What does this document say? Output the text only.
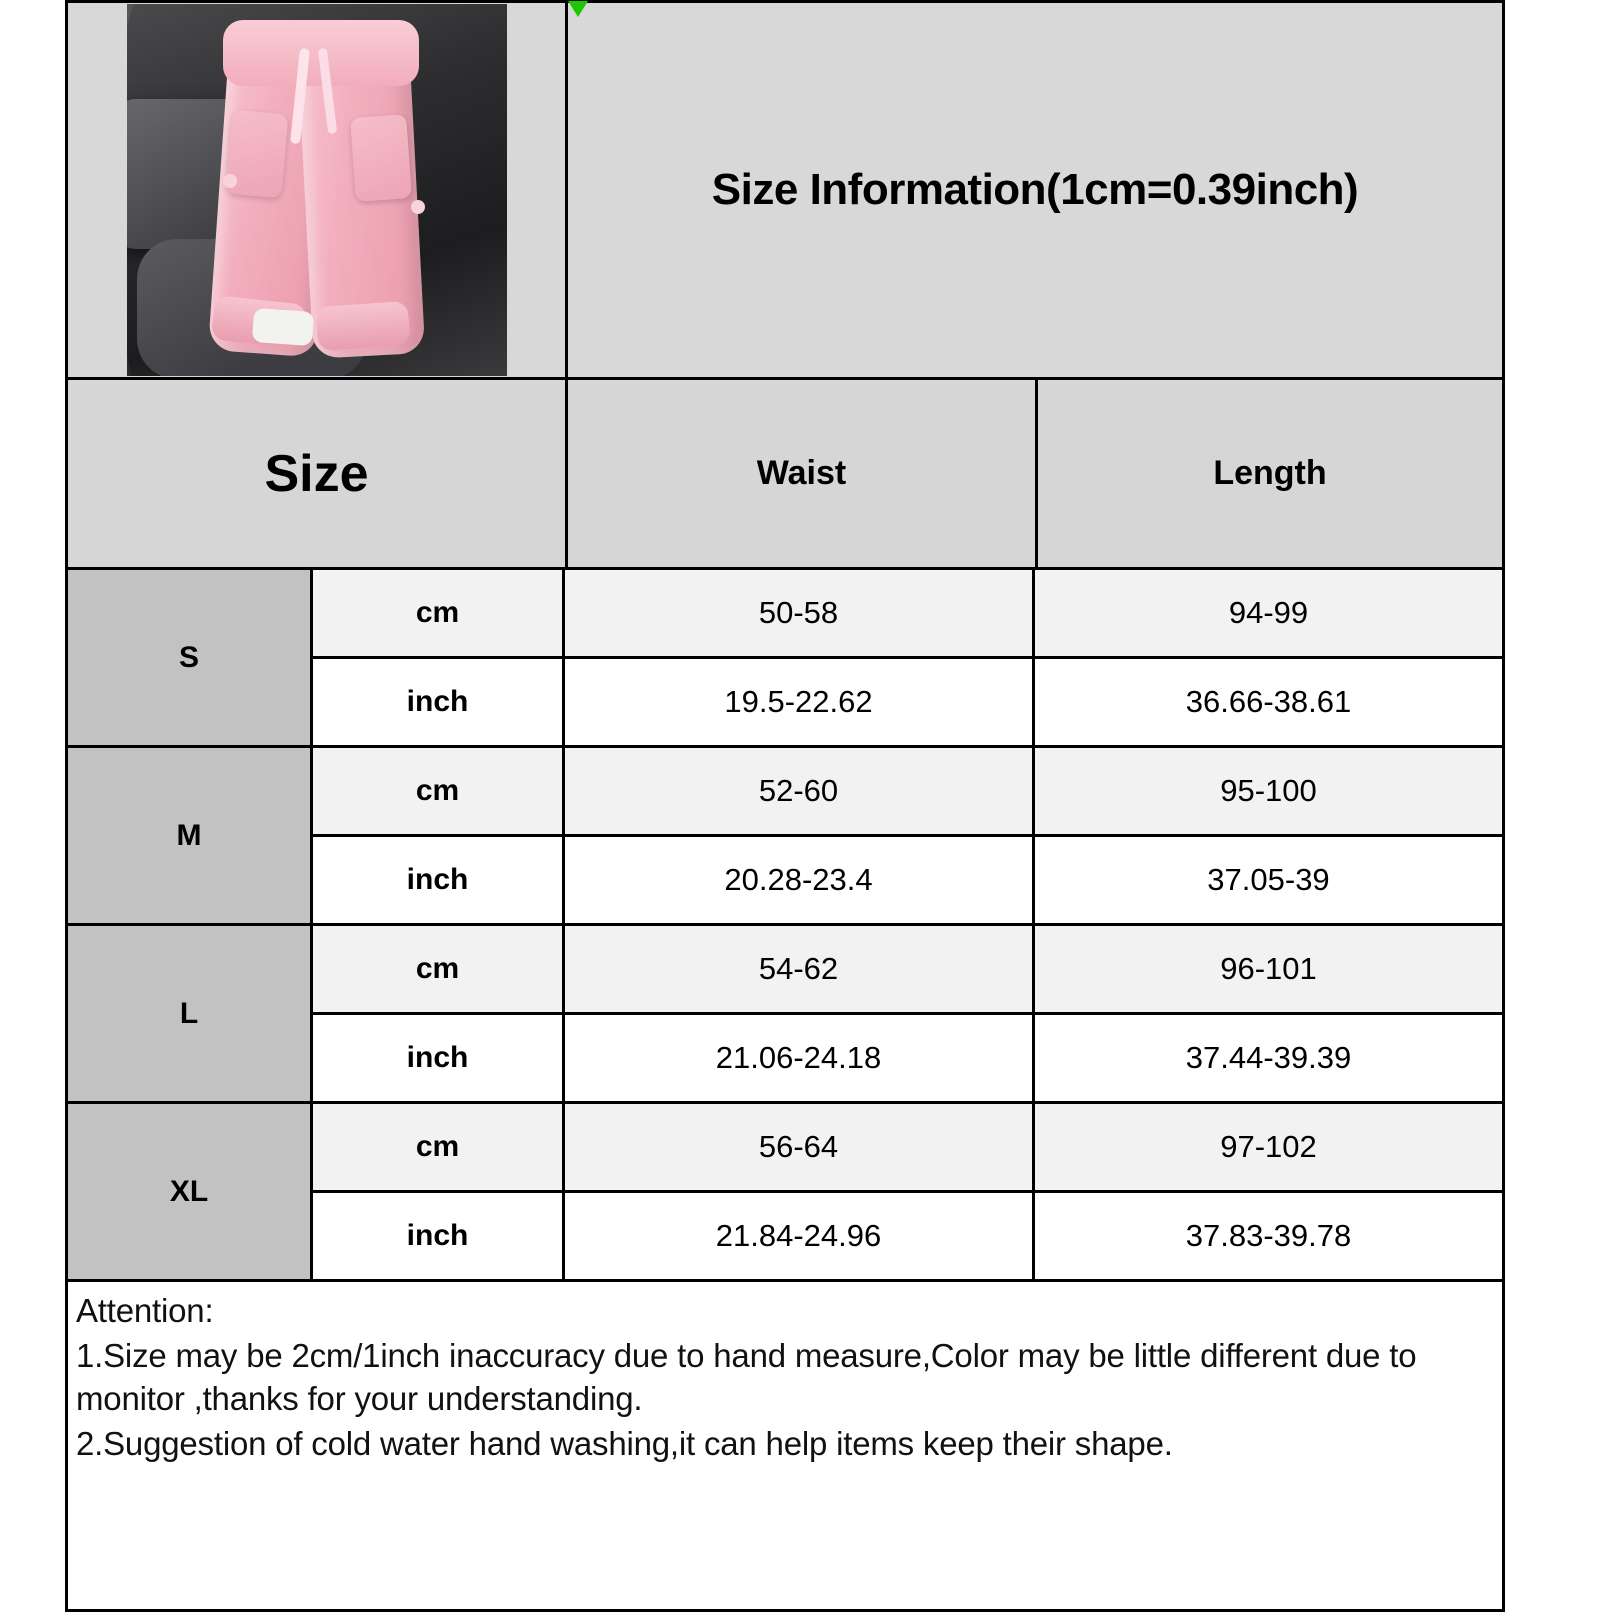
Size Information(1cm=0.39inch)
Size	Waist	Length
S
cm	50-58	94-99
inch	19.5-22.62	36.66-38.61
M
cm	52-60	95-100
inch	20.28-23.4	37.05-39
L
cm	54-62	96-101
inch	21.06-24.18	37.44-39.39
XL
cm	56-64	97-102
inch	21.84-24.96	37.83-39.78
Attention:
1.Size may be 2cm/1inch inaccuracy due to hand measure,Color may be little different due to monitor ,thanks for your understanding.
2.Suggestion of cold water hand washing,it can help items keep their shape.
